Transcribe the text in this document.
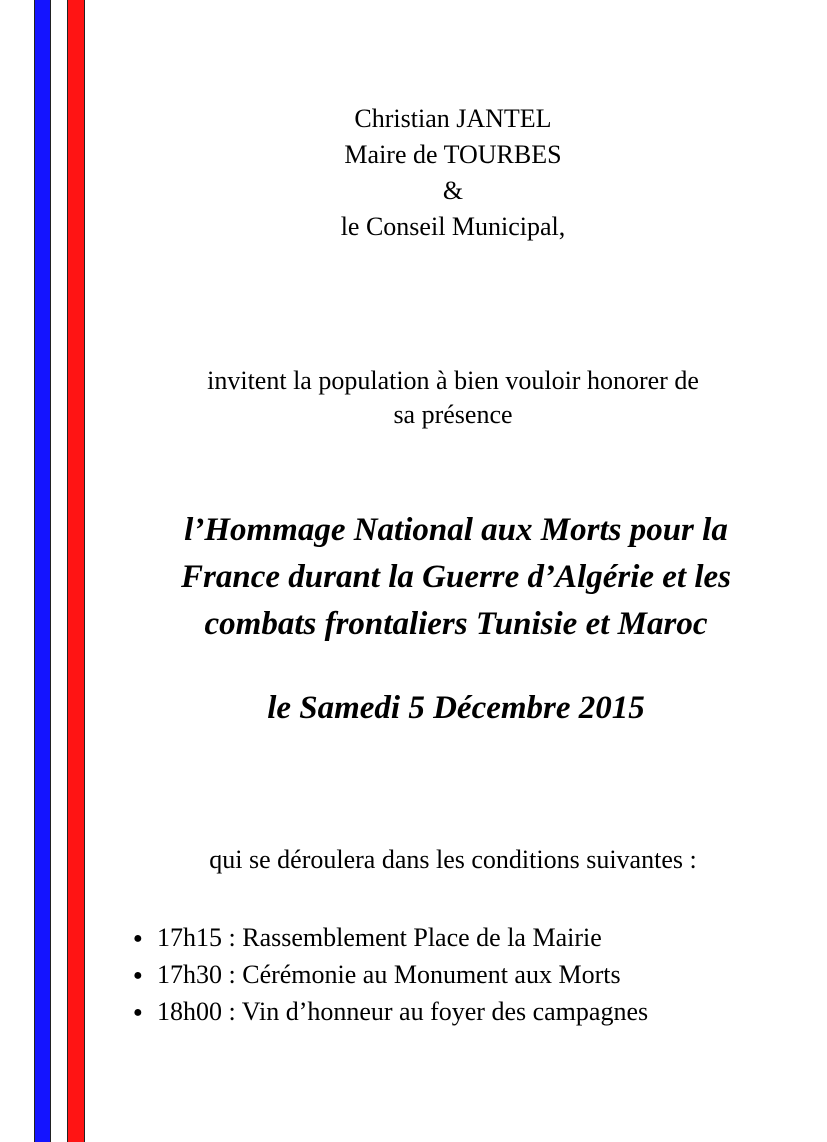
Christian JANTEL
Maire de TOURBES
&
le Conseil Municipal,
invitent la population à bien vouloir honorer de
sa présence
l’Hommage National aux Morts pour la
France durant la Guerre d’Algérie et les
combats frontaliers Tunisie et Maroc
le Samedi 5 Décembre 2015
qui se déroulera dans les conditions suivantes :
● 17h15 : Rassemblement Place de la Mairie
● 17h30 : Cérémonie au Monument aux Morts
● 18h00 : Vin d’honneur au foyer des campagnes
